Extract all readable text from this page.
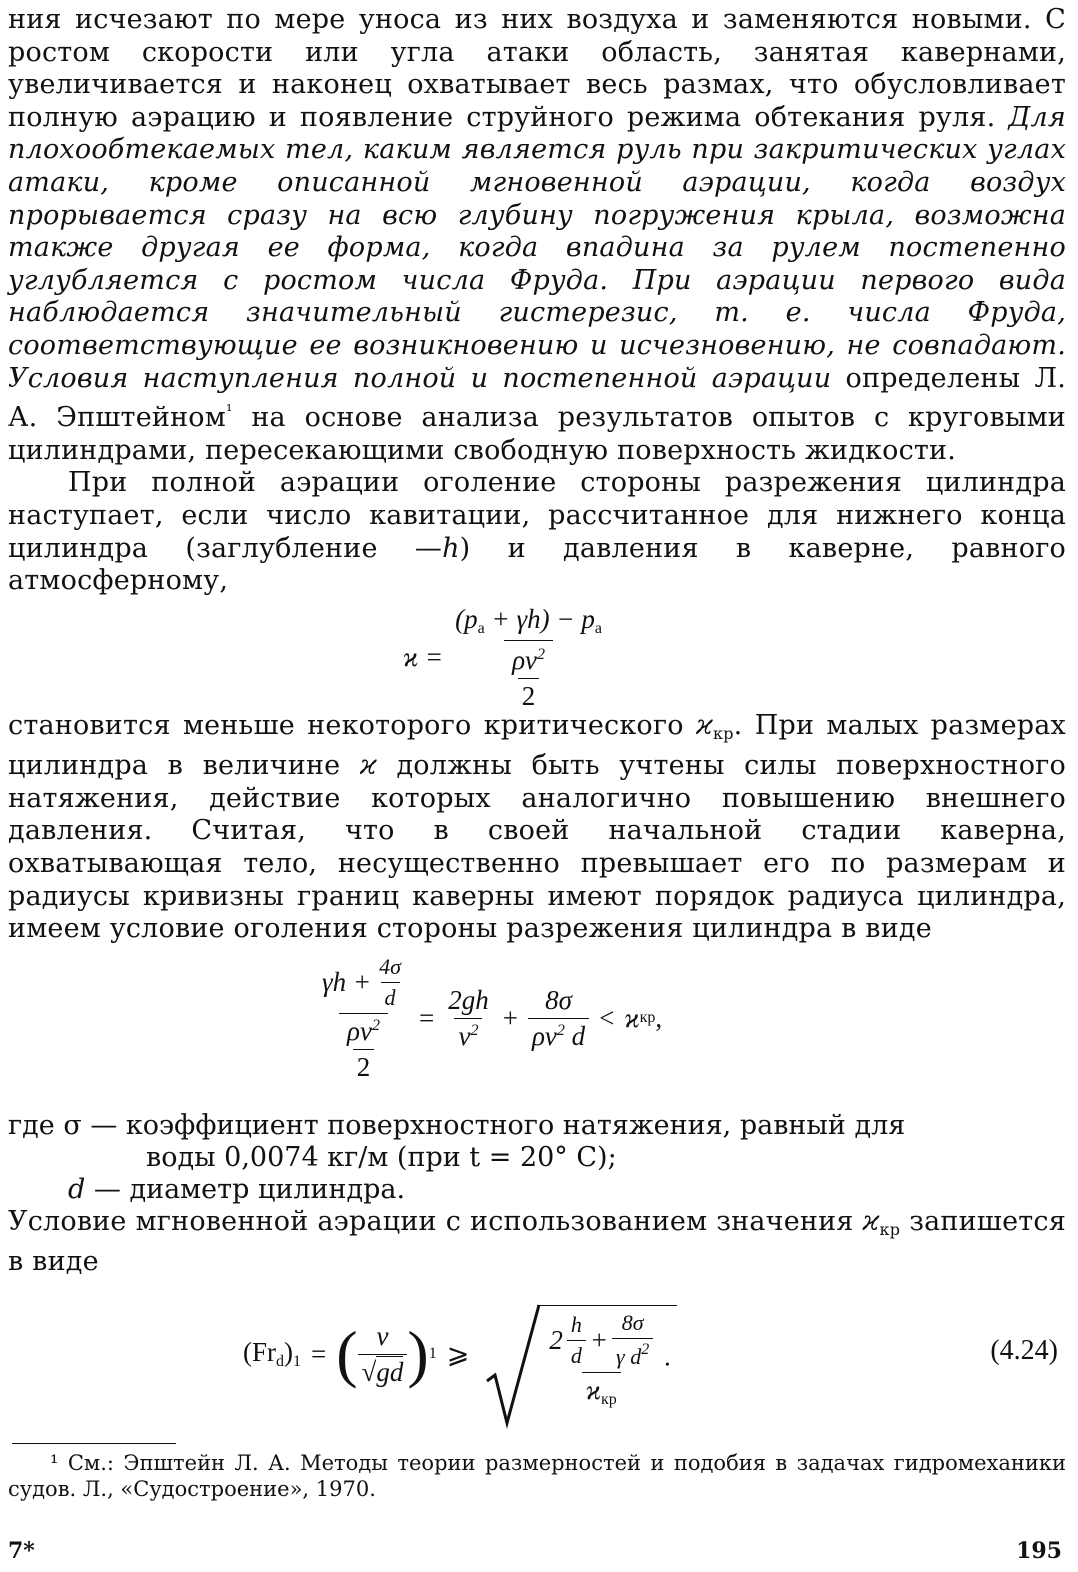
ния исчезают по мере уноса из них воздуха и заменяются новыми. С ростом скорости или угла атаки область, занятая кавернами, увеличивается и наконец охватывает весь размах, что обусловливает полную аэрацию и появление струйного режима обтекания руля. Для плохообтекаемых тел, каким является руль при закритических углах атаки, кроме описанной мгновенной аэрации, когда воздух прорывается сразу на всю глубину погружения крыла, возможна также другая ее форма, когда впадина за рулем постепенно углубляется с ростом числа Фруда. При аэрации первого вида наблюдается значительный гистерезис, т. е. числа Фруда, соответствующие ее возникновению и исчезновению, не совпадают. Условия наступления полной и постепенной аэрации определены Л. А. Эпштейном$^{^1}$ на основе анализа результатов опытов с круговыми цилиндрами, пересекающими свободную поверхность жидкости.

При полной аэрации оголение стороны разрежения цилиндра наступает, если число кавитации, рассчитанное для нижнего конца цилиндра (заглубление —h) и давления в каверне, равного атмосферному,

$ϰ = \frac{(p_a + \gamma h) - p_a}{\frac{\rho v^2}{2}}$

становится меньше некоторого критического $ϰ_{кр}$. При малых размерах цилиндра в величине ϰ должны быть учтены силы поверхностного натяжения, действие которых аналогично повышению внешнего давления. Считая, что в своей начальной стадии каверна, охватывающая тело, несущественно превышает его по размерам и радиусы кривизны границ каверны имеют порядок радиуса цилиндра, имеем условие оголения стороны разрежения цилиндра в виде

$\frac{\gamma h + \frac{4\sigma}{d}}{\frac{\rho v^2}{2}} = \frac{2gh}{v^2} + \frac{8\sigma}{\rho v^2 d} < ϰ$ кр ,
где σ — коэффициент поверхностного натяжения, равный для
воды 0,0074 кг/м (при t = 20° С);
d — диаметр цилиндра.

Условие мгновенной аэрации с использованием значения $ϰ_{кр}$ запишется в виде

$(Fr_d)_1$ = ( $\frac{v}{√gd}$ ) 1 ⩾	$\frac{2 \frac{h}{d} + \frac{8\sigma}{\gamma d^2}}{ϰ_{кр}}$ .	(4.24)

¹ См.: Эпштейн Л. А. Методы теории размерностей и подобия в задачах гидромеханики судов. Л., «Судостроение», 1970.

7*	195
